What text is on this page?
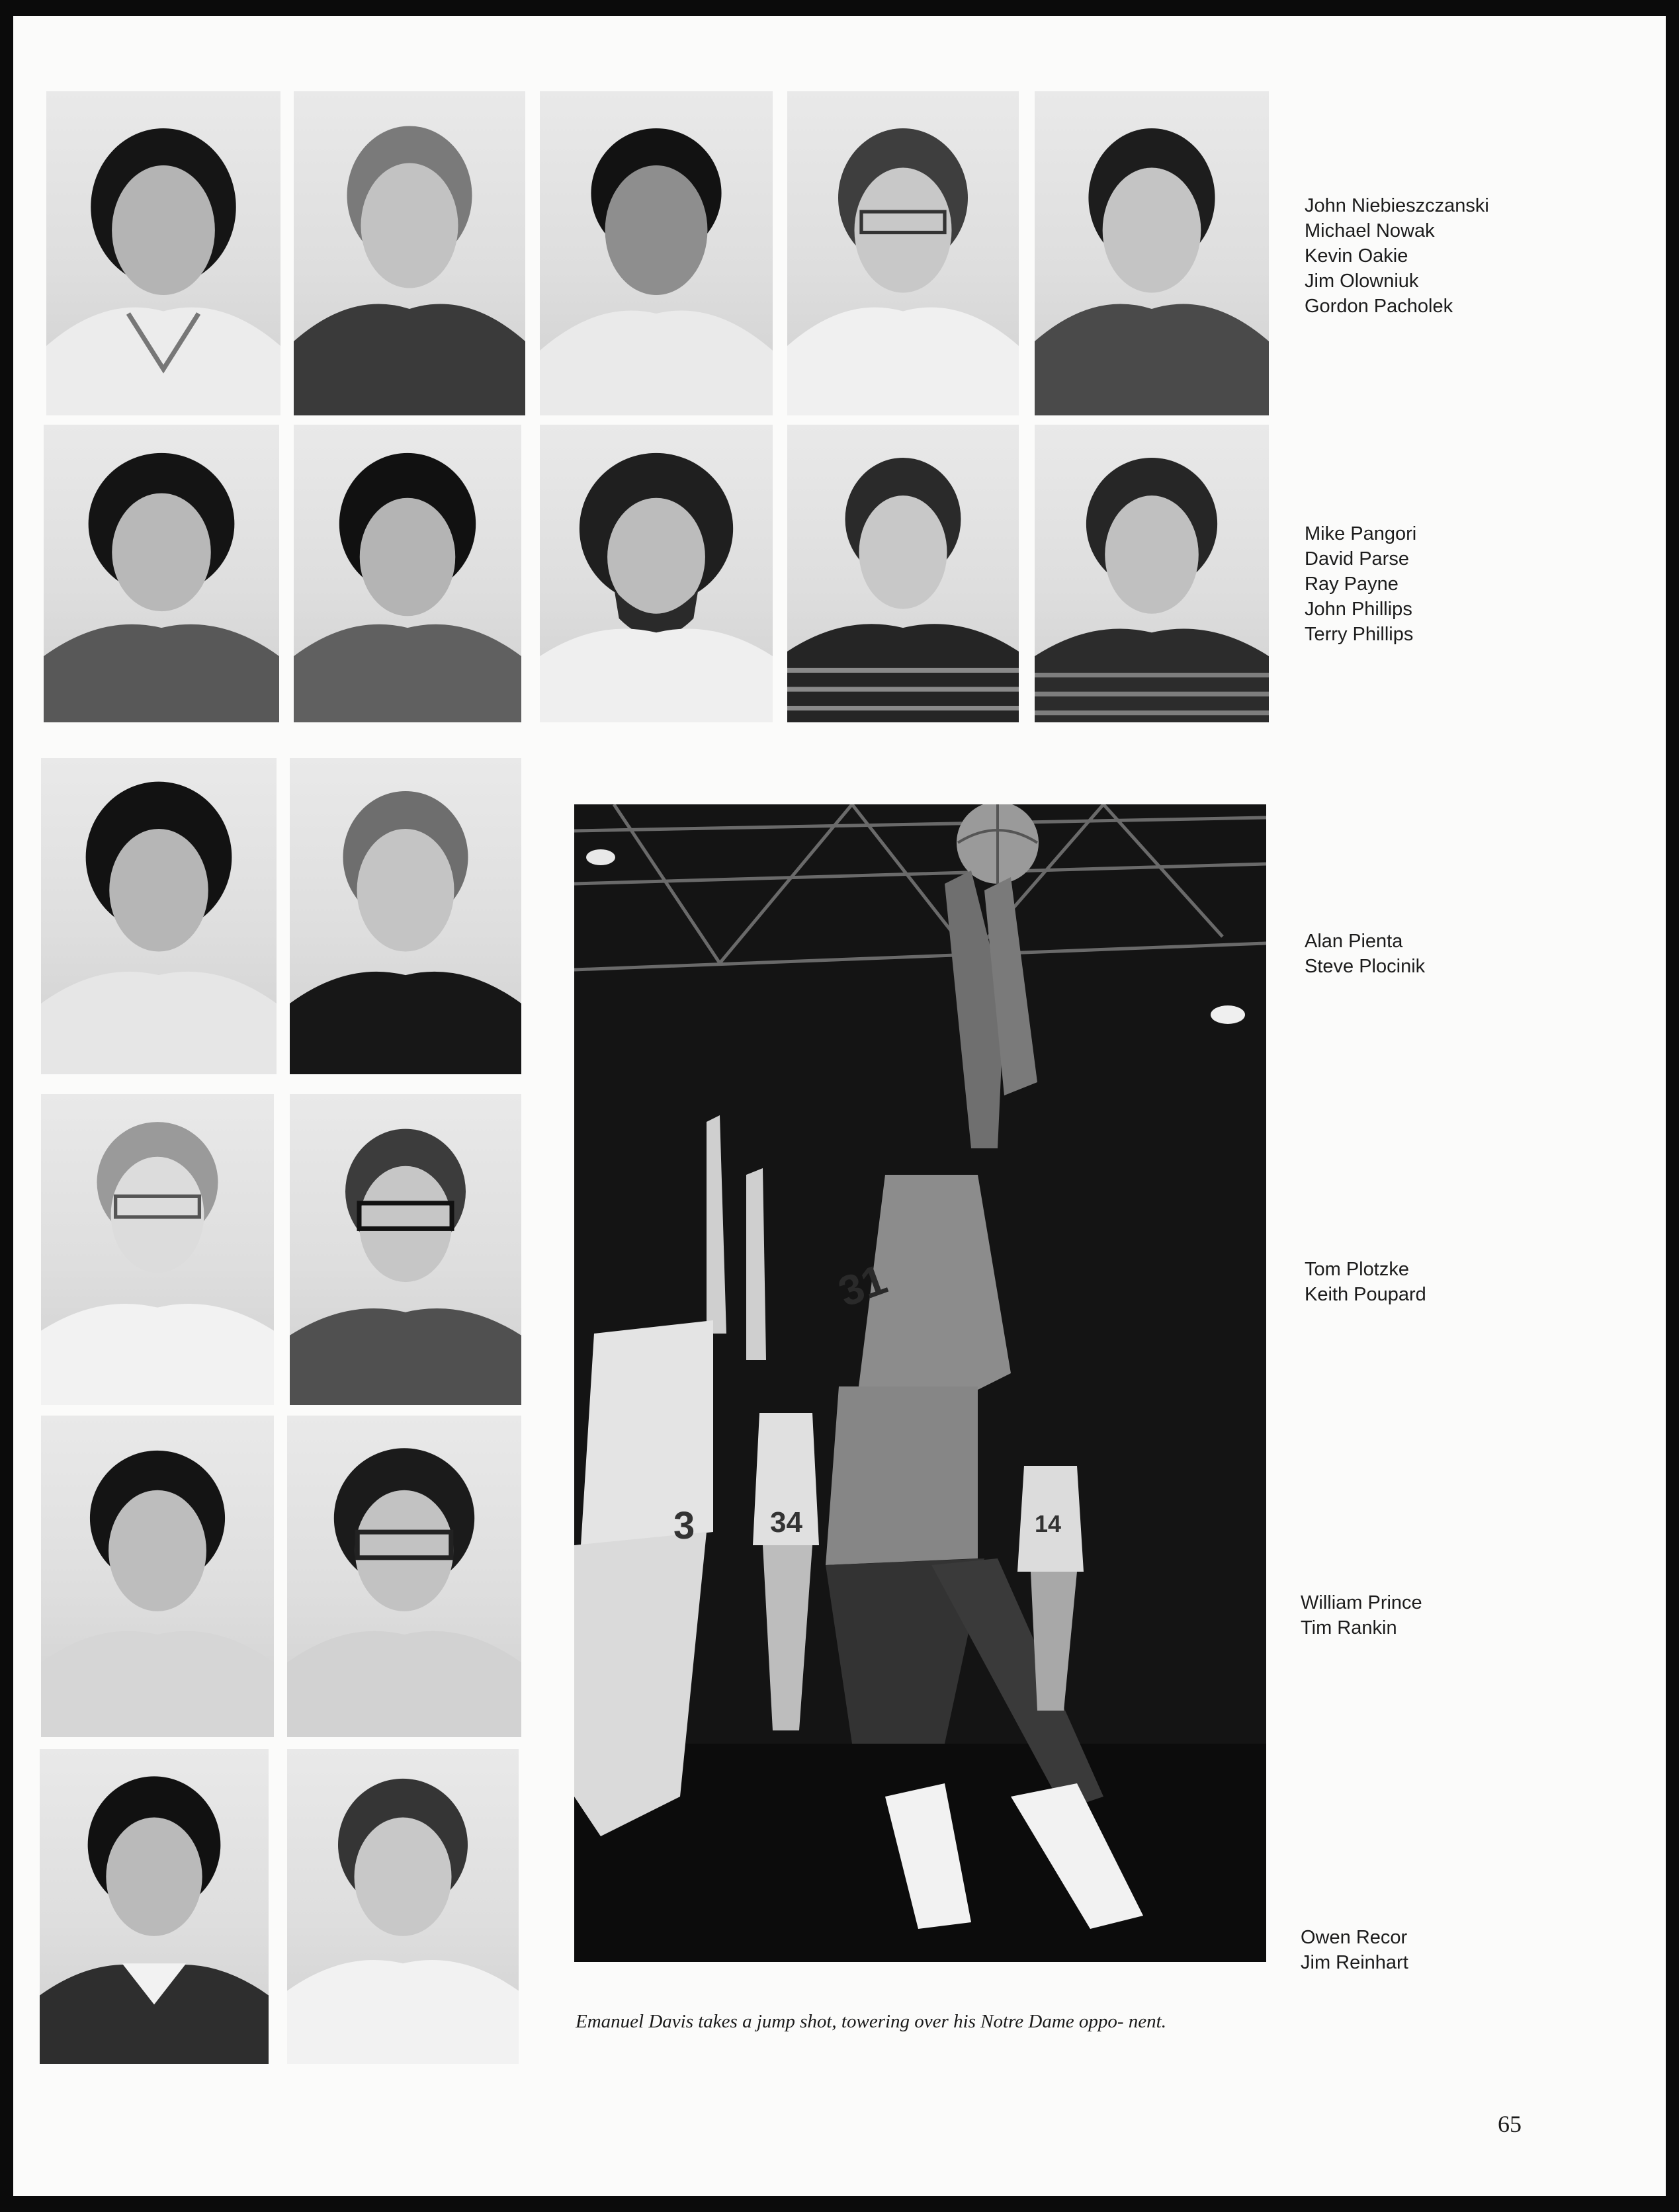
John Niebieszczanski
Michael Nowak
Kevin Oakie
Jim Olowniuk
Gordon Pacholek
Mike Pangori
David Parse
Ray Payne
John Phillips
Terry Phillips
Alan Pienta
Steve Plocinik
Tom Plotzke
Keith Poupard
William Prince
Tim Rankin
Owen Recor
Jim Reinhart
31
3	34	14
Emanuel Davis takes a jump shot, towering over his Notre Dame oppo- nent.
65
